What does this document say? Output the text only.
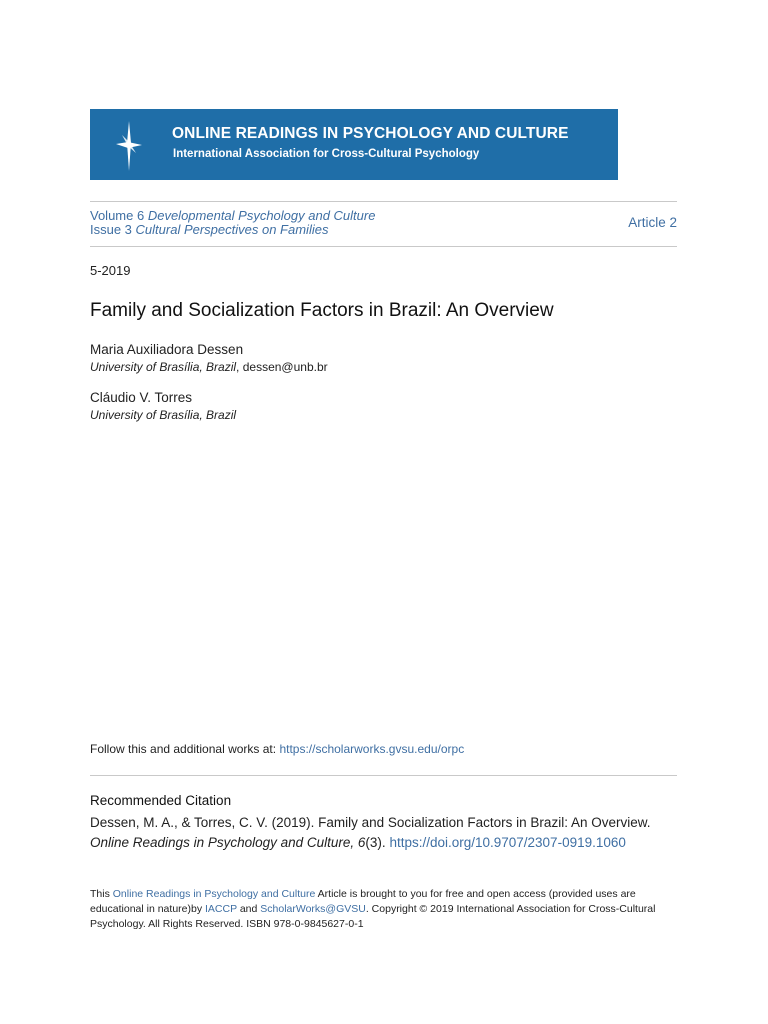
ONLINE READINGS IN PSYCHOLOGY AND CULTURE
International Association for Cross-Cultural Psychology
Volume 6 Developmental Psychology and Culture
Issue 3 Cultural Perspectives on Families	Article 2
5-2019
Family and Socialization Factors in Brazil: An Overview
Maria Auxiliadora Dessen
University of Brasília, Brazil, dessen@unb.br
Cláudio V. Torres
University of Brasília, Brazil
Follow this and additional works at: https://scholarworks.gvsu.edu/orpc
Recommended Citation
Dessen, M. A., & Torres, C. V. (2019). Family and Socialization Factors in Brazil: An Overview.
Online Readings in Psychology and Culture, 6(3). https://doi.org/10.9707/2307-0919.1060
This Online Readings in Psychology and Culture Article is brought to you for free and open access (provided uses are educational in nature)by IACCP and ScholarWorks@GVSU. Copyright © 2019 International Association for Cross-Cultural Psychology. All Rights Reserved. ISBN 978-0-9845627-0-1
